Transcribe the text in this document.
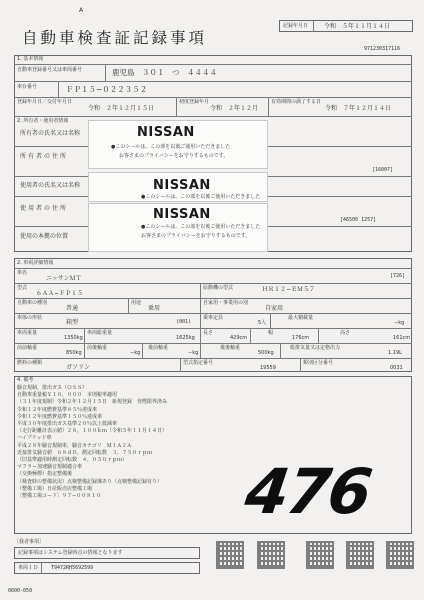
A
自動車検査証記録事項
記録年月日	令和　５年１１月１４日
971230317116
1. 基本情報
自動車登録番号又は車両番号	鹿児島　３０１　つ　４４４４
車台番号	ＦＰ１５−０２２３５２
登録年月日／交付年月日
令和　２年１２月１５日
初度登録年月
令和　２年１２月
有効期間の満了する日
令和　７年１２月１４日
2. 所有者・使用者情報
所有者の氏名又は名称
所有者の住所
[16007]
使用者の氏名又は名称
使用者の住所
[46500 1257]
使用の本拠の位置
NISSAN
●このシールは、この部を以後ご使用いただきました
お客さまのプライバシーをお守りするものです。
NISSAN
●このシールは、この部を以後ご使用いただきました
NISSAN
●このシールは、この部を以後ご使用いただきました
お客さまのプライバシーをお守りするものです。
2. 車両詳細情報
車名
ニッサンＭＴ	[726]
型式
６ＡＡ−ＦＰ１５
原動機の型式	ＨＲ１２−ＥＭ５７
自動車の種別
普通
用途
乗用
自家用・事業用の別
自家用
車体の形状
箱型	(001)
乗車定員
5人
最大積載量
−kg
車両重量
1350kg
車両総重量
1625kg
長さ
429cm
幅
176cm
高さ
161cm
前前軸重
850kg
前後軸重
−kg
後前軸重
−kg
後後軸重
500kg
総排気量又は定格出力
1.19L
燃料の種類
ガソリン
型式指定番号
19559
類別区分番号
0031
4. 備考
騒音規制，排出ガス（ＯＳＳ）
自動車重量税￥１０，０００　本則税率適用
（３１年度規制）令和２年１２月１５日　新規登録　発煙限界済み
令和１２年度燃費基準８５％達成車
令和１２年度燃費基準１５０％達成車
平成３０年度排出ガス基準２０％以上低減車
（走行距離計表示値）２８，１００ｋｍ（令和５年１１月１４日）
ハイブリッド車
平成２８年騒音規制車，騒音カテゴリ　Ｍ１Ａ２Ａ
近接排気騒音値　６８ｄＢ，測定回転数　３，７５０ｒｐｍ
（旧基準適用時測定回転数　４，０５０ｒｐｍ）
マフラー加速騒音規制適合車
（交換極標）指定整備後
（検査時の整備状況）点検整備記録簿あり（点検整備記録有り）
（整備工場）日産販売店整備工場
〔整備工場コード〕９７−００８１０ 476
［我者事項］
記録事項はシステム登録時点の情報となります
車両ＩＤ	T9472RH5692599
0600-050
